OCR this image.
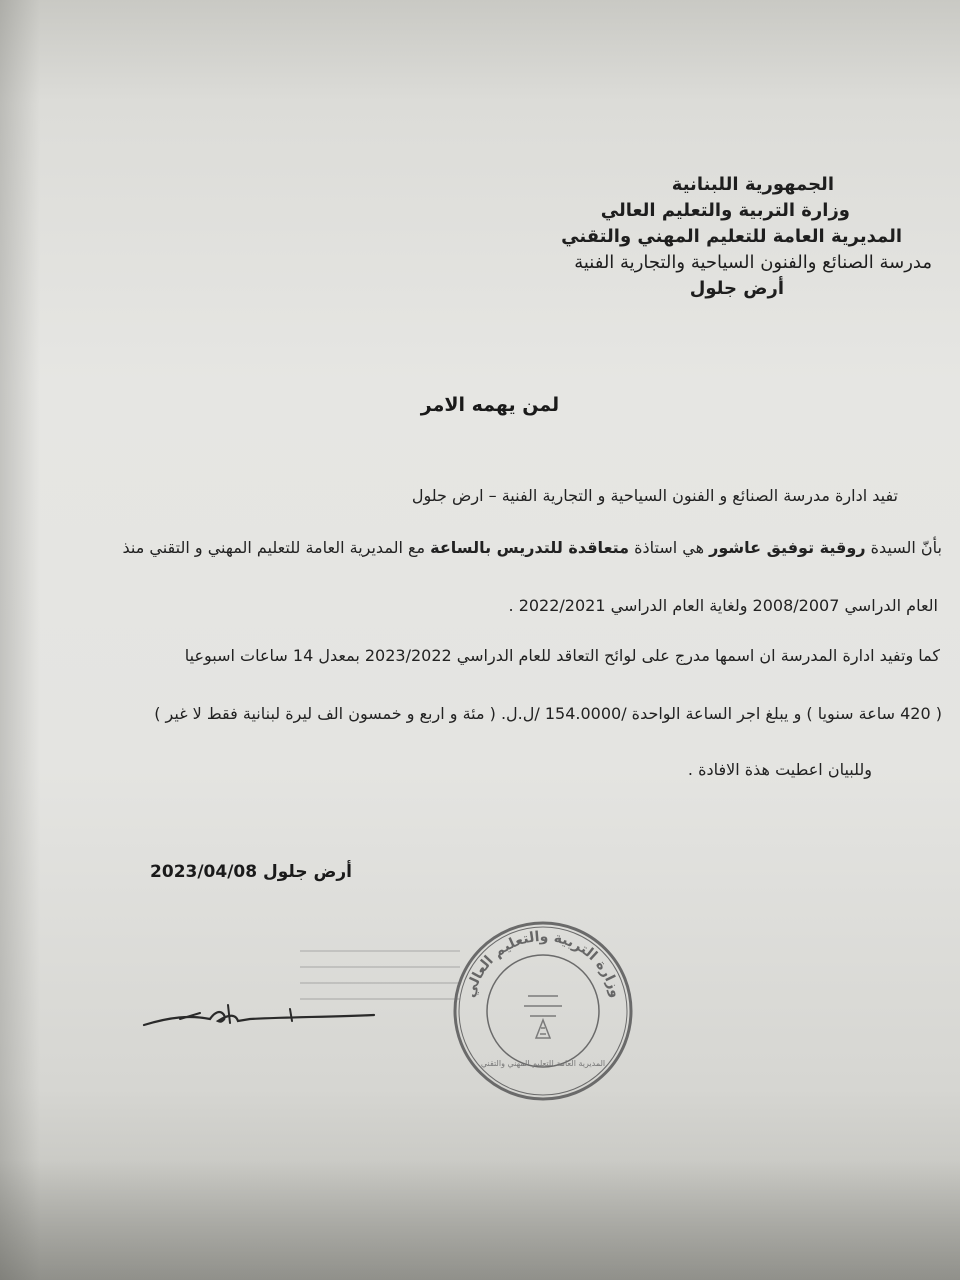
الجمهورية اللبنانية
وزارة التربية والتعليم العالي
المديرية العامة للتعليم المهني والتقني
مدرسة الصنائع والفنون السياحية والتجارية الفنية
أرض جلول
لمن يهمه الامر
تفيد ادارة مدرسة الصنائع و الفنون السياحية و التجارية الفنية – ارض جلول
بأنّ السيدة روقية توفيق عاشور هي استاذة متعاقدة للتدريس بالساعة مع المديرية العامة للتعليم المهني و التقني منذ
العام الدراسي 2008/2007 ولغاية العام الدراسي 2022/2021 .
كما وتفيد ادارة المدرسة ان اسمها مدرج على لوائح التعاقد للعام الدراسي 2023/2022 بمعدل 14 ساعات اسبوعيا
( 420 ساعة سنويا ) و يبلغ اجر الساعة الواحدة /154.0000 /ل.ل. ( مئة و اربع و خمسون الف ليرة لبنانية فقط لا غير )
وللبيان اعطيت هذة الافادة .
أرض جلول 2023/04/08
وزارة التربية والتعليم العالي
المديرية العامة للتعليم المهني والتقني
